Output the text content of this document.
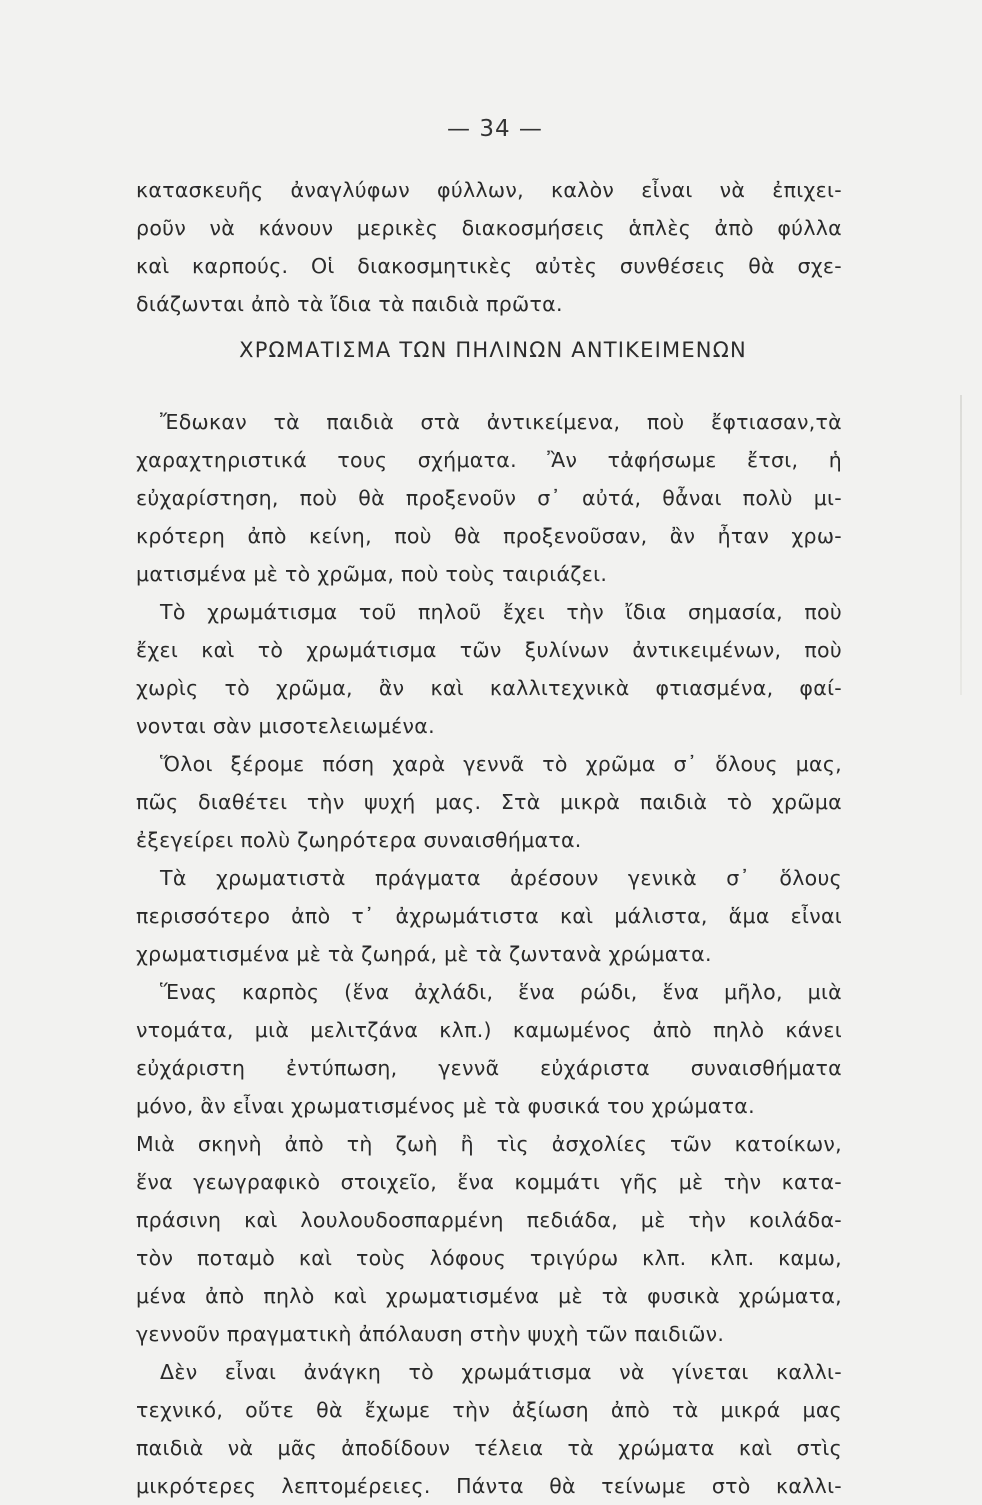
— 34 —
κατασκευῆς ἀναγλύφων φύλλων, καλὸν εἶναι νὰ ἐπιχει-
ροῦν νὰ κάνουν μερικὲς διακοσμήσεις ἁπλὲς ἀπὸ φύλλα
καὶ καρπούς. Οἱ διακοσμητικὲς αὐτὲς συνθέσεις θὰ σχε-
διάζωνται ἀπὸ τὰ ἴδια τὰ παιδιὰ πρῶτα.
ΧΡΩΜΑΤΙΣΜΑ ΤΩΝ ΠΗΛΙΝΩΝ ΑΝΤΙΚΕΙΜΕΝΩΝ
Ἔδωκαν τὰ παιδιὰ στὰ ἀντικείμενα, ποὺ ἔφτιασαν,τὰ
χαραχτηριστικά τους σχήματα. Ἂν τἀφήσωμε ἔτσι, ἡ
εὐχαρίστηση, ποὺ θὰ προξενοῦν σ᾽ αὐτά, θἆναι πολὺ μι-
κρότερη ἀπὸ κείνη, ποὺ θὰ προξενοῦσαν, ἂν ἦταν χρω-
ματισμένα μὲ τὸ χρῶμα, ποὺ τοὺς ταιριάζει.
Τὸ χρωμάτισμα τοῦ πηλοῦ ἔχει τὴν ἴδια σημασία, ποὺ
ἔχει καὶ τὸ χρωμάτισμα τῶν ξυλίνων ἀντικειμένων, ποὺ
χωρὶς τὸ χρῶμα, ἂν καὶ καλλιτεχνικὰ φτιασμένα, φαί-
νονται σὰν μισοτελειωμένα.
Ὅλοι ξέρομε πόση χαρὰ γεννᾶ τὸ χρῶμα σ᾽ ὅλους μας,
πῶς διαθέτει τὴν ψυχή μας. Στὰ μικρὰ παιδιὰ τὸ χρῶμα
ἐξεγείρει πολὺ ζωηρότερα συναισθήματα.
Τὰ χρωματιστὰ πράγματα ἀρέσουν γενικὰ σ᾽ ὅλους
περισσότερο ἀπὸ τ᾽ ἀχρωμάτιστα καὶ μάλιστα, ἅμα εἶναι
χρωματισμένα μὲ τὰ ζωηρά, μὲ τὰ ζωντανὰ χρώματα.
Ἕνας καρπὸς (ἕνα ἀχλάδι, ἕνα ρώδι, ἕνα μῆλο, μιὰ
ντομάτα, μιὰ μελιτζάνα κλπ.) καμωμένος ἀπὸ πηλὸ κάνει
εὐχάριστη ἐντύπωση, γεννᾶ εὐχάριστα συναισθήματα
μόνο, ἂν εἶναι χρωματισμένος μὲ τὰ φυσικά του χρώματα.
Μιὰ σκηνὴ ἀπὸ τὴ ζωὴ ἢ τὶς ἀσχολίες τῶν κατοίκων,
ἕνα γεωγραφικὸ στοιχεῖο, ἕνα κομμάτι γῆς μὲ τὴν κατα-
πράσινη καὶ λουλουδοσπαρμένη πεδιάδα, μὲ τὴν κοιλάδα-
τὸν ποταμὸ καὶ τοὺς λόφους τριγύρω κλπ. κλπ. καμω,
μένα ἀπὸ πηλὸ καὶ χρωματισμένα μὲ τὰ φυσικὰ χρώματα,
γεννοῦν πραγματικὴ ἀπόλαυση στὴν ψυχὴ τῶν παιδιῶν.
Δὲν εἶναι ἀνάγκη τὸ χρωμάτισμα νὰ γίνεται καλλι-
τεχνικό, οὔτε θὰ ἔχωμε τὴν ἀξίωση ἀπὸ τὰ μικρά μας
παιδιὰ νὰ μᾶς ἀποδίδουν τέλεια τὰ χρώματα καὶ στὶς
μικρότερες λεπτομέρειες. Πάντα θὰ τείνωμε στὸ καλλι-
